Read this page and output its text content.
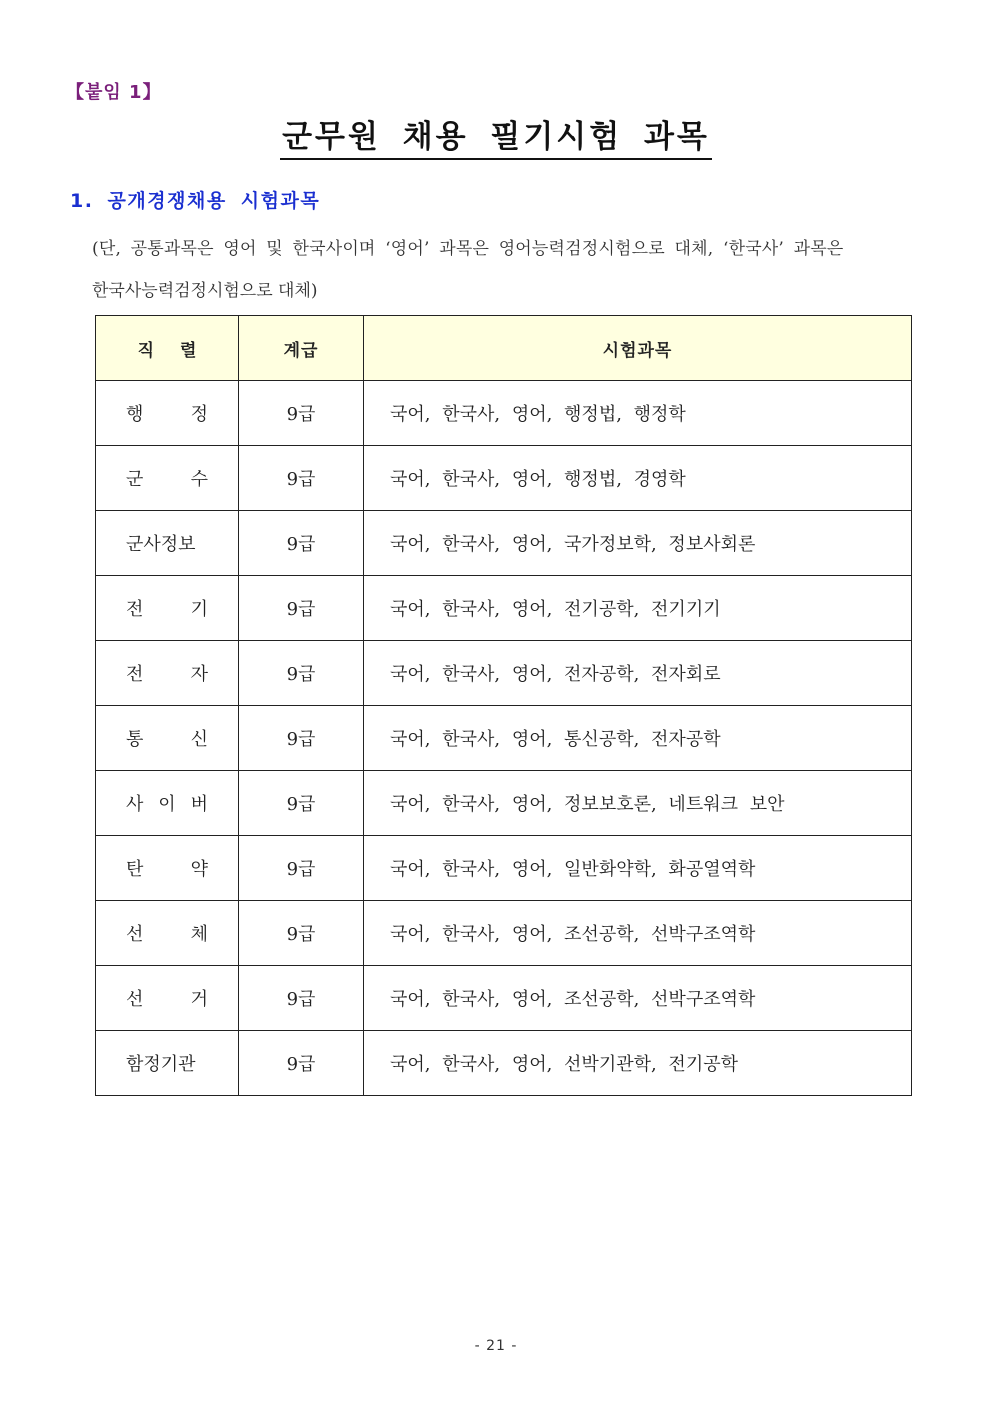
【붙임 1】
군무원 채용 필기시험 과목
1. 공개경쟁채용 시험과목
(단, 공통과목은 영어 및 한국사이며 ‘영어’ 과목은 영어능력검정시험으로 대체, ‘한국사’ 과목은
한국사능력검정시험으로 대체)
직렬	계급	시험과목
행 정	9급	국어, 한국사, 영어, 행정법, 행정학
군 수	9급	국어, 한국사, 영어, 행정법, 경영학
군사정보	9급	국어, 한국사, 영어, 국가정보학, 정보사회론
전 기	9급	국어, 한국사, 영어, 전기공학, 전기기기
전 자	9급	국어, 한국사, 영어, 전자공학, 전자회로
통 신	9급	국어, 한국사, 영어, 통신공학, 전자공학
사 이 버	9급	국어, 한국사, 영어, 정보보호론, 네트워크 보안
탄 약	9급	국어, 한국사, 영어, 일반화약학, 화공열역학
선 체	9급	국어, 한국사, 영어, 조선공학, 선박구조역학
선 거	9급	국어, 한국사, 영어, 조선공학, 선박구조역학
함정기관	9급	국어, 한국사, 영어, 선박기관학, 전기공학
- 21 -
